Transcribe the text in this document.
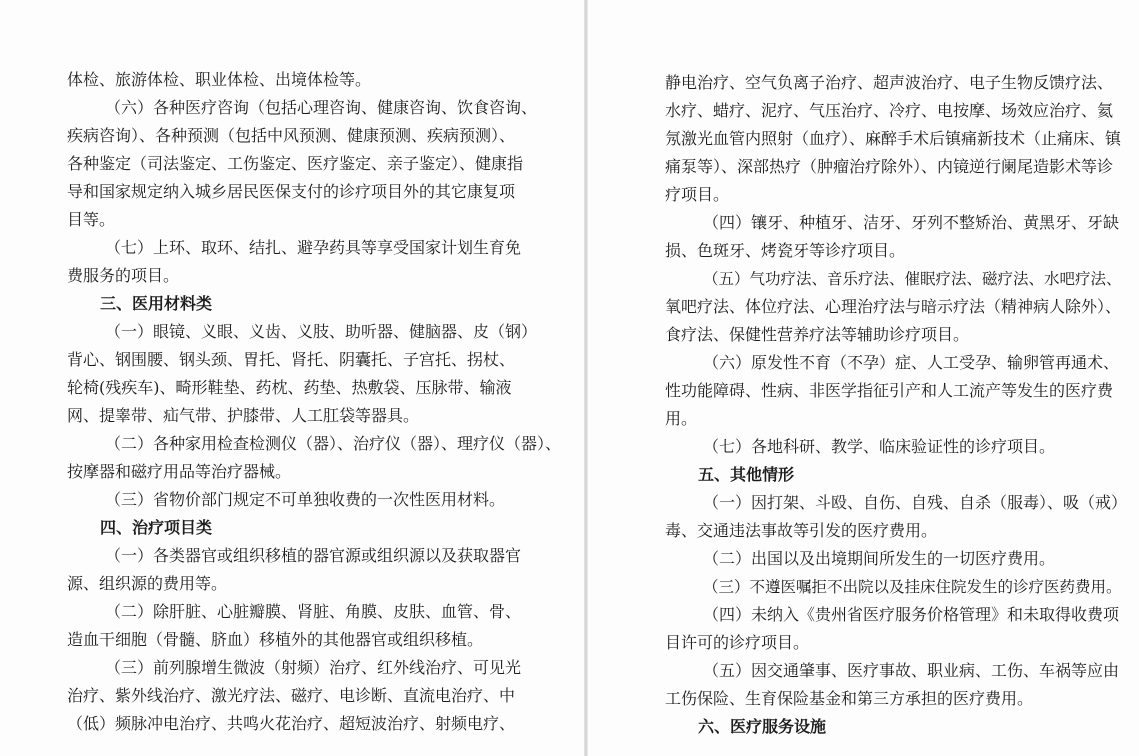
体检、旅游体检、职业体检、出境体检等。
（六）各种医疗咨询（包括心理咨询、健康咨询、饮食咨询、
疾病咨询）、各种预测（包括中风预测、健康预测、疾病预测）、
各种鉴定（司法鉴定、工伤鉴定、医疗鉴定、亲子鉴定）、健康指
导和国家规定纳入城乡居民医保支付的诊疗项目外的其它康复项
目等。
（七）上环、取环、结扎、避孕药具等享受国家计划生育免
费服务的项目。
三、医用材料类
（一）眼镜、义眼、义齿、义肢、助听器、健脑器、皮（钢）
背心、钢围腰、钢头颈、胃托、肾托、阴囊托、子宫托、拐杖、
轮椅(残疾车)、畸形鞋垫、药枕、药垫、热敷袋、压脉带、输液
网、提睾带、疝气带、护膝带、人工肛袋等器具。
（二）各种家用检查检测仪（器）、治疗仪（器）、理疗仪（器）、
按摩器和磁疗用品等治疗器械。
（三）省物价部门规定不可单独收费的一次性医用材料。
四、治疗项目类
（一）各类器官或组织移植的器官源或组织源以及获取器官
源、组织源的费用等。
（二）除肝脏、心脏瓣膜、肾脏、角膜、皮肤、血管、骨、
造血干细胞（骨髓、脐血）移植外的其他器官或组织移植。
（三）前列腺增生微波（射频）治疗、红外线治疗、可见光
治疗、紫外线治疗、激光疗法、磁疗、电诊断、直流电治疗、中
（低）频脉冲电治疗、共鸣火花治疗、超短波治疗、射频电疗、
静电治疗、空气负离子治疗、超声波治疗、电子生物反馈疗法、
水疗、蜡疗、泥疗、气压治疗、冷疗、电按摩、场效应治疗、氦
氖激光血管内照射（血疗）、麻醉手术后镇痛新技术（止痛床、镇
痛泵等）、深部热疗（肿瘤治疗除外）、内镜逆行阑尾造影术等诊
疗项目。
（四）镶牙、种植牙、洁牙、牙列不整矫治、黄黑牙、牙缺
损、色斑牙、烤瓷牙等诊疗项目。
（五）气功疗法、音乐疗法、催眠疗法、磁疗法、水吧疗法、
氧吧疗法、体位疗法、心理治疗法与暗示疗法（精神病人除外）、
食疗法、保健性营养疗法等辅助诊疗项目。
（六）原发性不育（不孕）症、人工受孕、输卵管再通术、
性功能障碍、性病、非医学指征引产和人工流产等发生的医疗费
用。
（七）各地科研、教学、临床验证性的诊疗项目。
五、其他情形
（一）因打架、斗殴、自伤、自残、自杀（服毒）、吸（戒）
毒、交通违法事故等引发的医疗费用。
（二）出国以及出境期间所发生的一切医疗费用。
（三）不遵医嘱拒不出院以及挂床住院发生的诊疗医药费用。
（四）未纳入《贵州省医疗服务价格管理》和未取得收费项
目许可的诊疗项目。
（五）因交通肇事、医疗事故、职业病、工伤、车祸等应由
工伤保险、生育保险基金和第三方承担的医疗费用。
六、医疗服务设施
